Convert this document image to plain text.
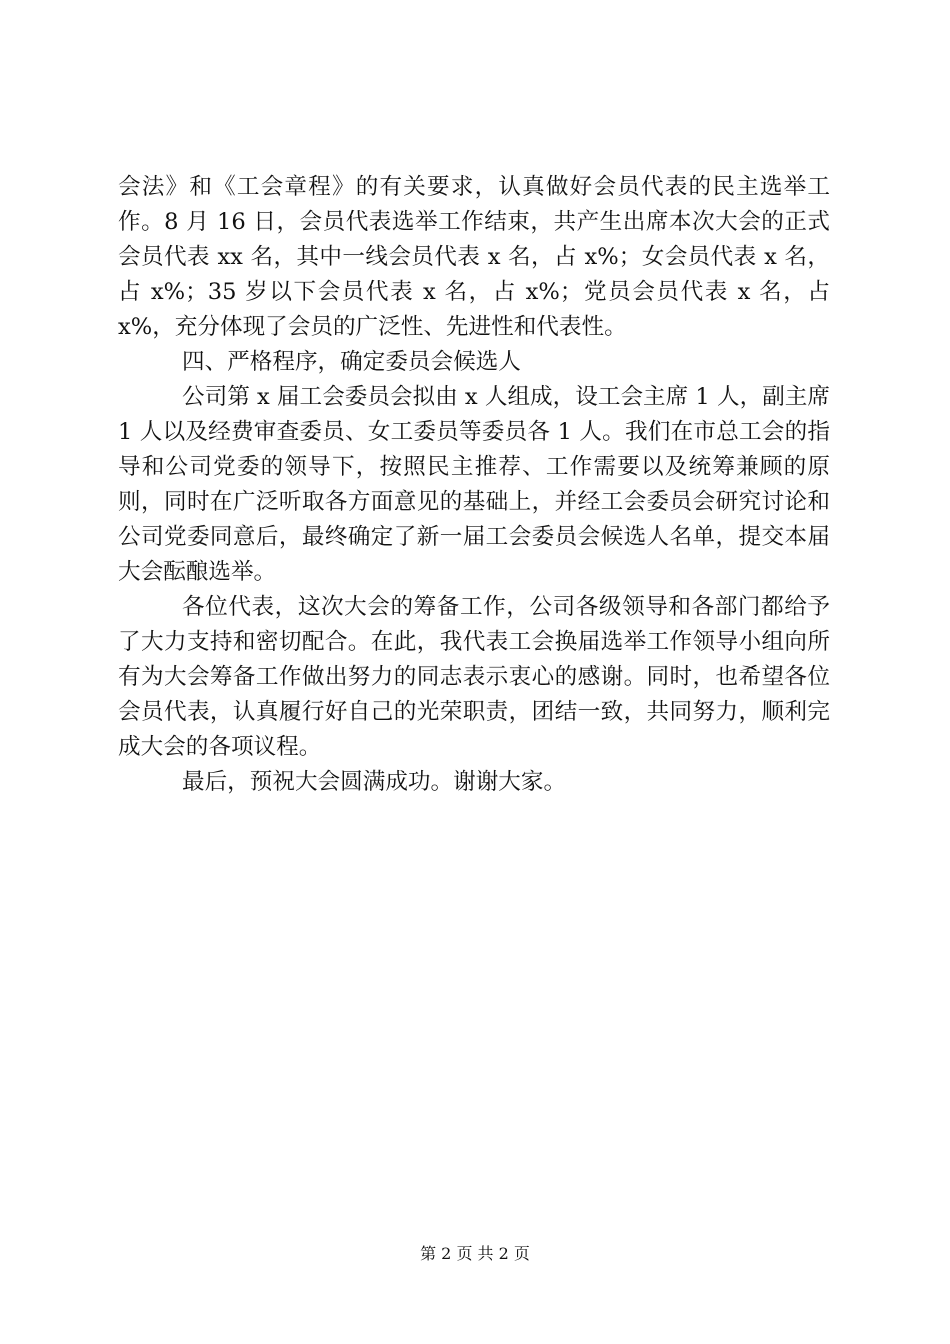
会法》和《工会章程》的有关要求，认真做好会员代表的民主选举工作。8 月 16 日，会员代表选举工作结束，共产生出席本次大会的正式会员代表 xx 名，其中一线会员代表 x 名，占 x%；女会员代表 x 名，占 x%；35 岁以下会员代表 x 名，占 x%；党员会员代表 x 名，占 x%，充分体现了会员的广泛性、先进性和代表性。

四、严格程序，确定委员会候选人

公司第 x 届工会委员会拟由 x 人组成，设工会主席 1 人，副主席 1 人以及经费审查委员、女工委员等委员各 1 人。我们在市总工会的指导和公司党委的领导下，按照民主推荐、工作需要以及统筹兼顾的原则，同时在广泛听取各方面意见的基础上，并经工会委员会研究讨论和公司党委同意后，最终确定了新一届工会委员会候选人名单，提交本届大会酝酿选举。

各位代表，这次大会的筹备工作，公司各级领导和各部门都给予了大力支持和密切配合。在此，我代表工会换届选举工作领导小组向所有为大会筹备工作做出努力的同志表示衷心的感谢。同时，也希望各位会员代表，认真履行好自己的光荣职责，团结一致，共同努力，顺利完成大会的各项议程。

最后，预祝大会圆满成功。谢谢大家。

第 2 页 共 2 页
